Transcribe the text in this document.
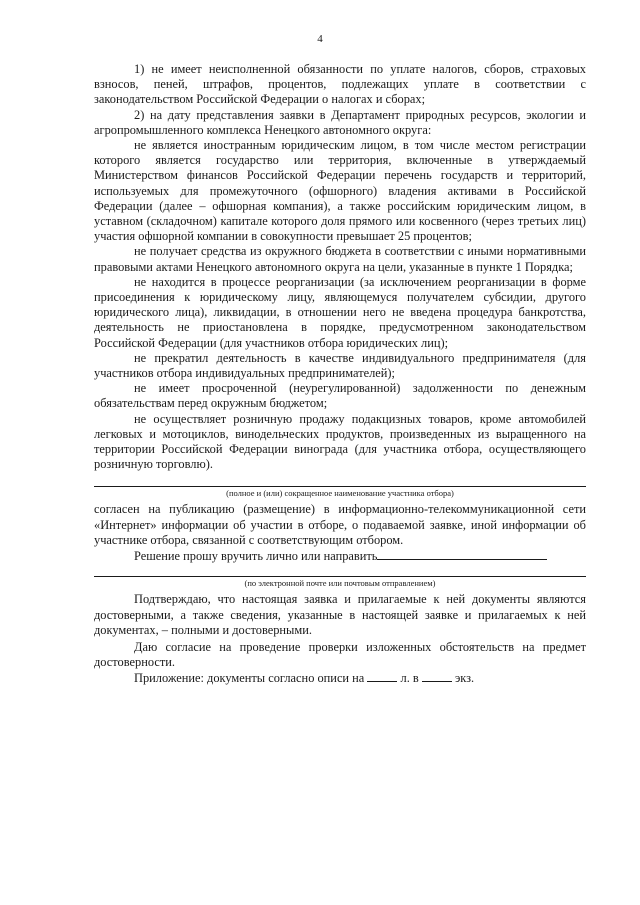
4

1) не имеет неисполненной обязанности по уплате налогов, сборов, страховых взносов, пеней, штрафов, процентов, подлежащих уплате в соответствии с законодательством Российской Федерации о налогах и сборах;

2) на дату представления заявки в Департамент природных ресурсов, экологии и агропромышленного комплекса Ненецкого автономного округа:

не является иностранным юридическим лицом, в том числе местом регистрации которого является государство или территория, включенные в утверждаемый Министерством финансов Российской Федерации перечень государств и территорий, используемых для промежуточного (офшорного) владения активами в Российской Федерации (далее – офшорная компания), а также российским юридическим лицом, в уставном (складочном) капитале которого доля прямого или косвенного (через третьих лиц) участия офшорной компании в совокупности превышает 25 процентов;

не получает средства из окружного бюджета в соответствии с иными нормативными правовыми актами Ненецкого автономного округа на цели, указанные в пункте 1 Порядка;

не находится в процессе реорганизации (за исключением реорганизации в форме присоединения к юридическому лицу, являющемуся получателем субсидии, другого юридического лица), ликвидации, в отношении него не введена процедура банкротства, деятельность не приостановлена в порядке, предусмотренном законодательством Российской Федерации (для участников отбора юридических лиц);

не прекратил деятельность в качестве индивидуального предпринимателя (для участников отбора индивидуальных предпринимателей);

не имеет просроченной (неурегулированной) задолженности по денежным обязательствам перед окружным бюджетом;

не осуществляет розничную продажу подакцизных товаров, кроме автомобилей легковых и мотоциклов, винодельческих продуктов, произведенных из выращенного на территории Российской Федерации винограда (для участника отбора, осуществляющего розничную торговлю).

(полное и (или) сокращенное наименование участника отбора)

согласен на публикацию (размещение) в информационно-телекоммуникационной сети «Интернет» информации об участии в отборе, о подаваемой заявке, иной информации об участнике отбора, связанной с соответствующим отбором.

Решение прошу вручить лично или направить

(по электронной почте или почтовым отправлением)

Подтверждаю, что настоящая заявка и прилагаемые к ней документы являются достоверными, а также сведения, указанные в настоящей заявке и прилагаемых к ней документах, – полными и достоверными.

Даю согласие на проведение проверки изложенных обстоятельств на предмет достоверности.

Приложение: документы согласно описи на	л. в	экз.
